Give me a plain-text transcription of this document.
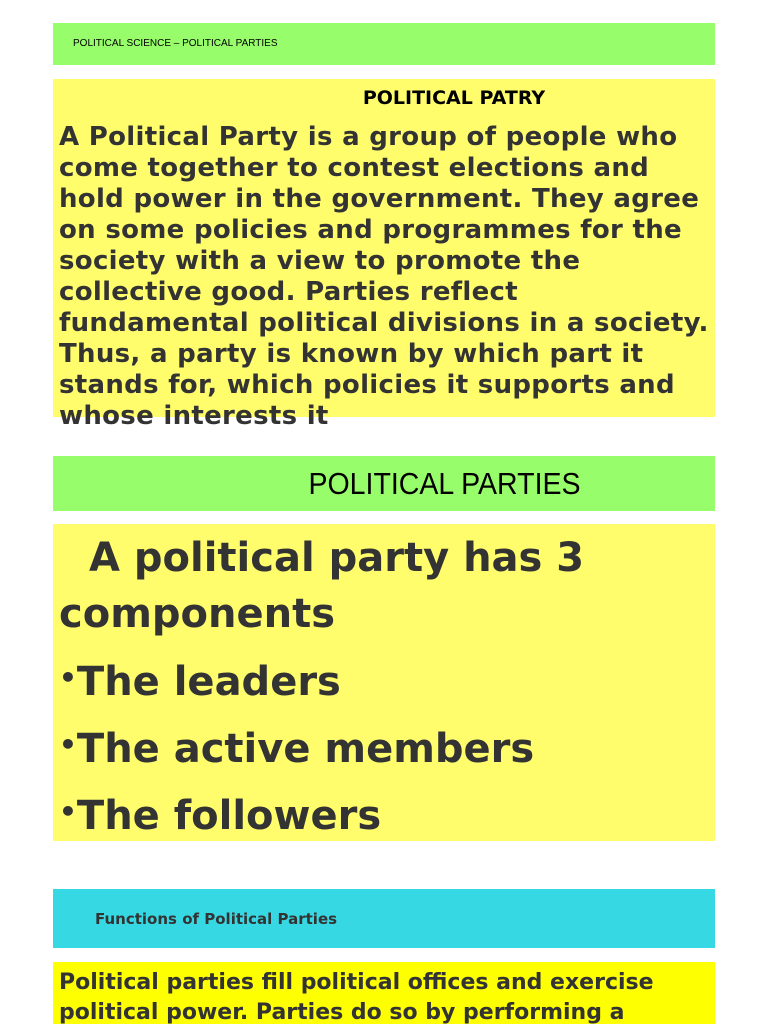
POLITICAL SCIENCE – POLITICAL PARTIES
POLITICAL PATRY

A Political Party is a group of people who come together to contest elections and hold power in the government. They agree on some policies and programmes for the society with a view to promote the collective good. Parties reflect fundamental political divisions in a society. Thus, a party is known by which part it stands for, which policies it supports and whose interests it

POLITICAL PARTIES

A political party has 3 components

•The leaders
•The active members
•The followers
Functions of Political Parties

Political parties fill political offices and exercise political power. Parties do so by performing a
